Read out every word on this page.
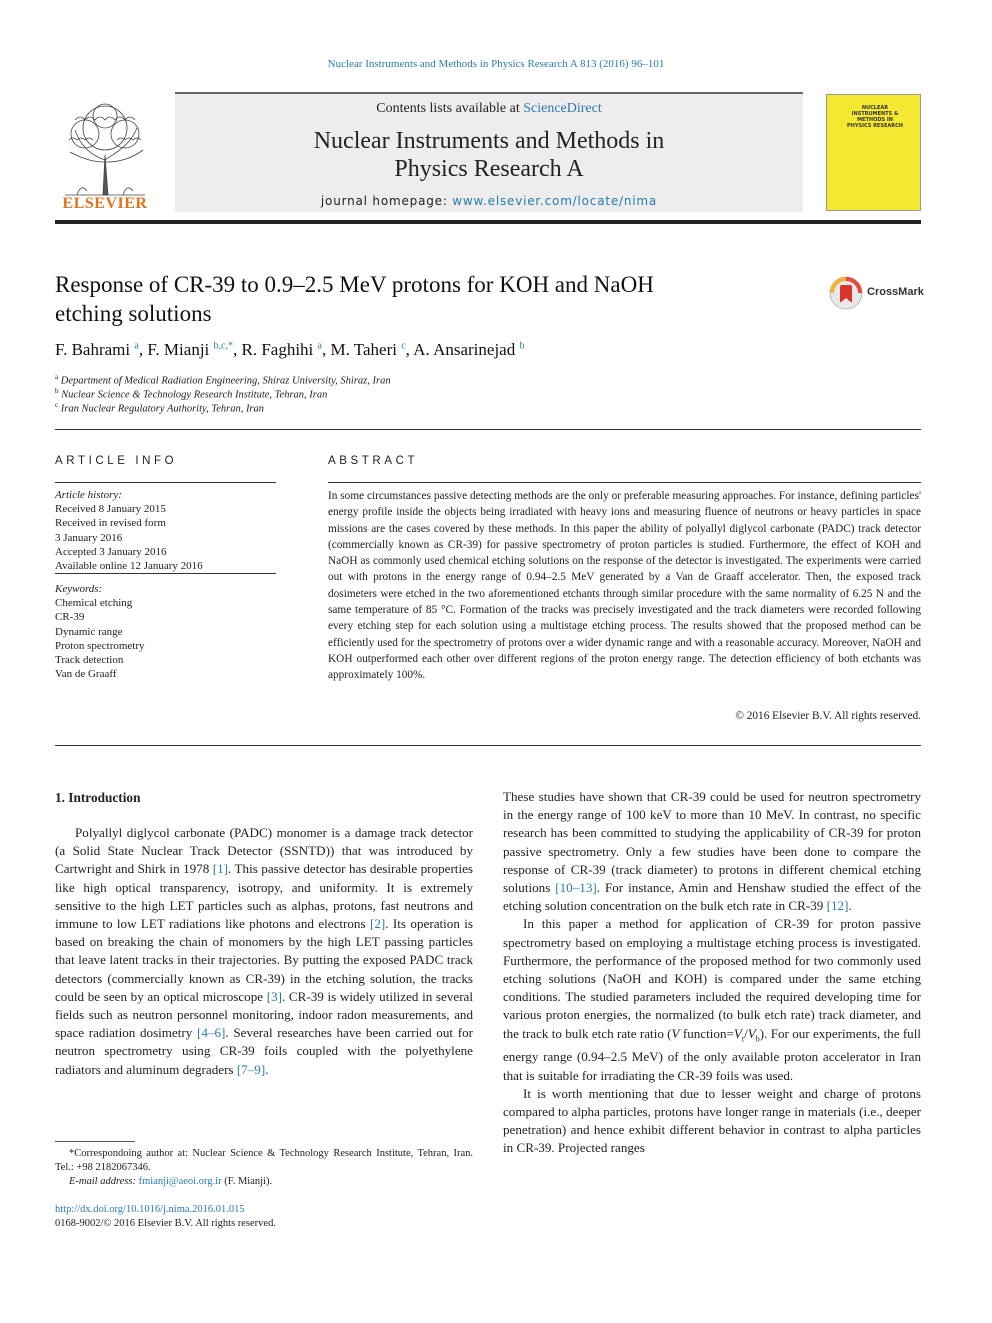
Nuclear Instruments and Methods in Physics Research A 813 (2016) 96–101
ELSEVIER
Contents lists available at ScienceDirect
Nuclear Instruments and Methods in
Physics Research A
journal homepage: www.elsevier.com/locate/nima
NUCLEAR INSTRUMENTS & METHODS IN PHYSICS RESEARCH
Response of CR-39 to 0.9–2.5 MeV protons for KOH and NaOH
etching solutions
CrossMark
F. Bahrami $^a$, F. Mianji $^{b,c,*}$, R. Faghihi $^a$, M. Taheri $^c$, A. Ansarinejad $^b$
$^a$ Department of Medical Radiation Engineering, Shiraz University, Shiraz, Iran
$^b$ Nuclear Science & Technology Research Institute, Tehran, Iran
$^c$ Iran Nuclear Regulatory Authority, Tehran, Iran
ARTICLE INFO
Article history:
Received 8 January 2015
Received in revised form
3 January 2016
Accepted 3 January 2016
Available online 12 January 2016
Keywords:
Chemical etching
CR-39
Dynamic range
Proton spectrometry
Track detection
Van de Graaff
ABSTRACT
In some circumstances passive detecting methods are the only or preferable measuring approaches. For instance, defining particles' energy profile inside the objects being irradiated with heavy ions and measuring fluence of neutrons or heavy particles in space missions are the cases covered by these methods. In this paper the ability of polyallyl diglycol carbonate (PADC) track detector (commercially known as CR-39) for passive spectrometry of proton particles is studied. Furthermore, the effect of KOH and NaOH as commonly used chemical etching solutions on the response of the detector is investigated. The experiments were carried out with protons in the energy range of 0.94–2.5 MeV generated by a Van de Graaff accelerator. Then, the exposed track dosimeters were etched in the two aforementioned etchants through similar procedure with the same normality of 6.25 N and the same temperature of 85 °C. Formation of the tracks was precisely investigated and the track diameters were recorded following every etching step for each solution using a multistage etching process. The results showed that the proposed method can be efficiently used for the spectrometry of protons over a wider dynamic range and with a reasonable accuracy. Moreover, NaOH and KOH outperformed each other over different regions of the proton energy range. The detection efficiency of both etchants was approximately 100%.
© 2016 Elsevier B.V. All rights reserved.
1. Introduction

Polyallyl diglycol carbonate (PADC) monomer is a damage track detector (a Solid State Nuclear Track Detector (SSNTD)) that was introduced by Cartwright and Shirk in 1978 [1]. This passive detector has desirable properties like high optical transparency, isotropy, and uniformity. It is extremely sensitive to the high LET particles such as alphas, protons, fast neutrons and immune to low LET radiations like photons and electrons [2]. Its operation is based on breaking the chain of monomers by the high LET passing particles that leave latent tracks in their trajectories. By putting the exposed PADC track detectors (commercially known as CR-39) in the etching solution, the tracks could be seen by an optical microscope [3]. CR-39 is widely utilized in several fields such as neutron personnel monitoring, indoor radon measurements, and space radiation dosimetry [4–6]. Several researches have been carried out for neutron spectrometry using CR-39 foils coupled with the polyethylene radiators and aluminum degraders [7–9].

*Correspondoing author at: Nuclear Science & Technology Research Institute, Tehran, Iran. Tel.: +98 2182067346.
E-mail address: fmianji@aeoi.org.ir (F. Mianji).
http://dx.doi.org/10.1016/j.nima.2016.01.015
0168-9002/© 2016 Elsevier B.V. All rights reserved.

These studies have shown that CR-39 could be used for neutron spectrometry in the energy range of 100 keV to more than 10 MeV. In contrast, no specific research has been committed to studying the applicability of CR-39 for proton passive spectrometry. Only a few studies have been done to compare the response of CR-39 (track diameter) to protons in different chemical etching solutions [10–13]. For instance, Amin and Henshaw studied the effect of the etching solution concentration on the bulk etch rate in CR-39 [12].

In this paper a method for application of CR-39 for proton passive spectrometry based on employing a multistage etching process is investigated. Furthermore, the performance of the proposed method for two commonly used etching solutions (NaOH and KOH) is compared under the same etching conditions. The studied parameters included the required developing time for various proton energies, the normalized (to bulk etch rate) track diameter, and the track to bulk etch rate ratio (V $function=V_t/V_b$). For our experiments, the full energy range (0.94–2.5 MeV) of the only available proton accelerator in Iran that is suitable for irradiating the CR-39 foils was used.

It is worth mentioning that due to lesser weight and charge of protons compared to alpha particles, protons have longer range in materials (i.e., deeper penetration) and hence exhibit different behavior in contrast to alpha particles in CR-39. Projected ranges
